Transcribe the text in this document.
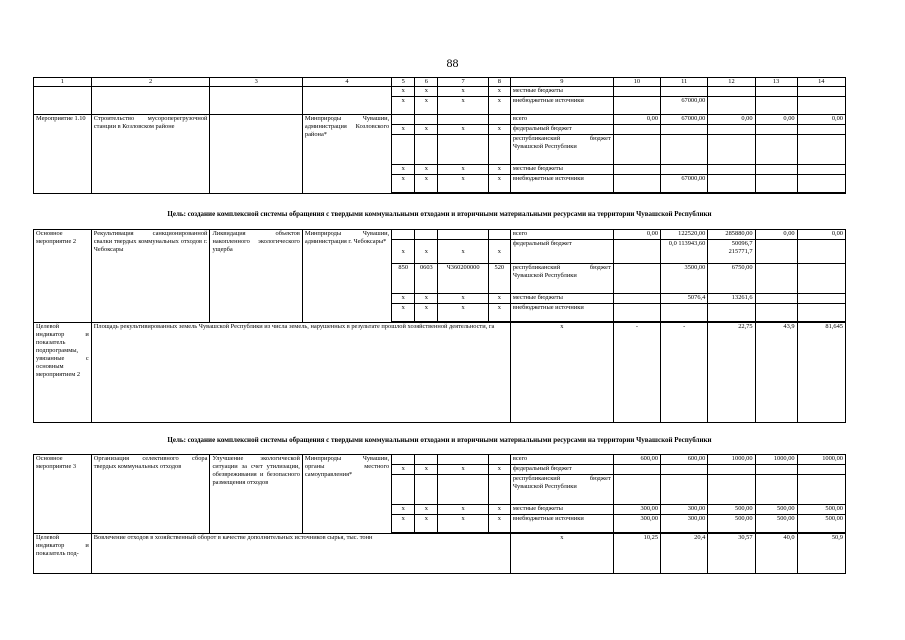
88
1	2	3	4	5	6	7	8	9	10	11	12	13	14
				x	x	x	x	местные бюджеты					
				x	x	x	x	внебюджетные источники		67000,00			
Мероприятие 1.10	Строительство мусороперегрузочной станции в Козловском районе		Минприроды Чувашии, администрация Козловского района*					всего	0,00	67000,00	0,00	0,00	0,00
				x	x	x	x	федеральный бюджет					
								республиканский бюджет Чувашской Республики					
				x	x	x	x	местные бюджеты					
				x	x	x	x	внебюджетные источники		67000,00			

Цель: создание комплексной системы обращения с твердыми коммунальными отходами и вторичными материальными ресурсами на территории Чувашской Республики
Основное мероприятие 2	Рекультивация санкционированной свалки твердых коммунальных отходов г. Чебоксары	Ликвидация объектов накопленного экологического ущерба	Минприроды Чувашии, администрация г. Чебоксары*					всего	0,00	122520,00	285880,00	0,00	0,00
				x	x	x	x	федеральный бюджет		0,0 113943,60	50096,7 215771,7		
				850	0603	Ч360200000	520	республиканский бюджет Чувашской Республики		3500,00	6750,00		
				x	x	x	x	местные бюджеты		5076,4	13261,6		
				x	x	x	x	внебюджетные источники					

Целевой индикатор и показатель подпрограммы, увязанные с основным мероприятием 2	Площадь рекультивированных земель Чувашской Республики из числа земель, нарушенных в результате прошлой хозяйственной деятельности, га							x	-	-	22,75	43,9	81,645
Цель: создание комплексной системы обращения с твердыми коммунальными отходами и вторичными материальными ресурсами на территории Чувашской Республики
Основное мероприятие 3	Организация селективного сбора твердых коммунальных отходов	Улучшение экологической ситуации за счет утилизации, обезвреживания и безопасного размещения отходов	Минприроды Чувашии, органы местного самоуправления*					всего	600,00	600,00	1000,00	1000,00	1000,00
				x	x	x	x	федеральный бюджет					
								республиканский бюджет Чувашской Республики					
				x	x	x	x	местные бюджеты	300,00	300,00	500,00	500,00	500,00
				x	x	x	x	внебюджетные источники	300,00	300,00	500,00	500,00	500,00

Целевой индикатор и показатель под-	Вовлечение отходов в хозяйственный оборот в качестве дополнительных источников сырья, тыс. тонн							x	10,25	20,4	30,57	40,0	50,9
